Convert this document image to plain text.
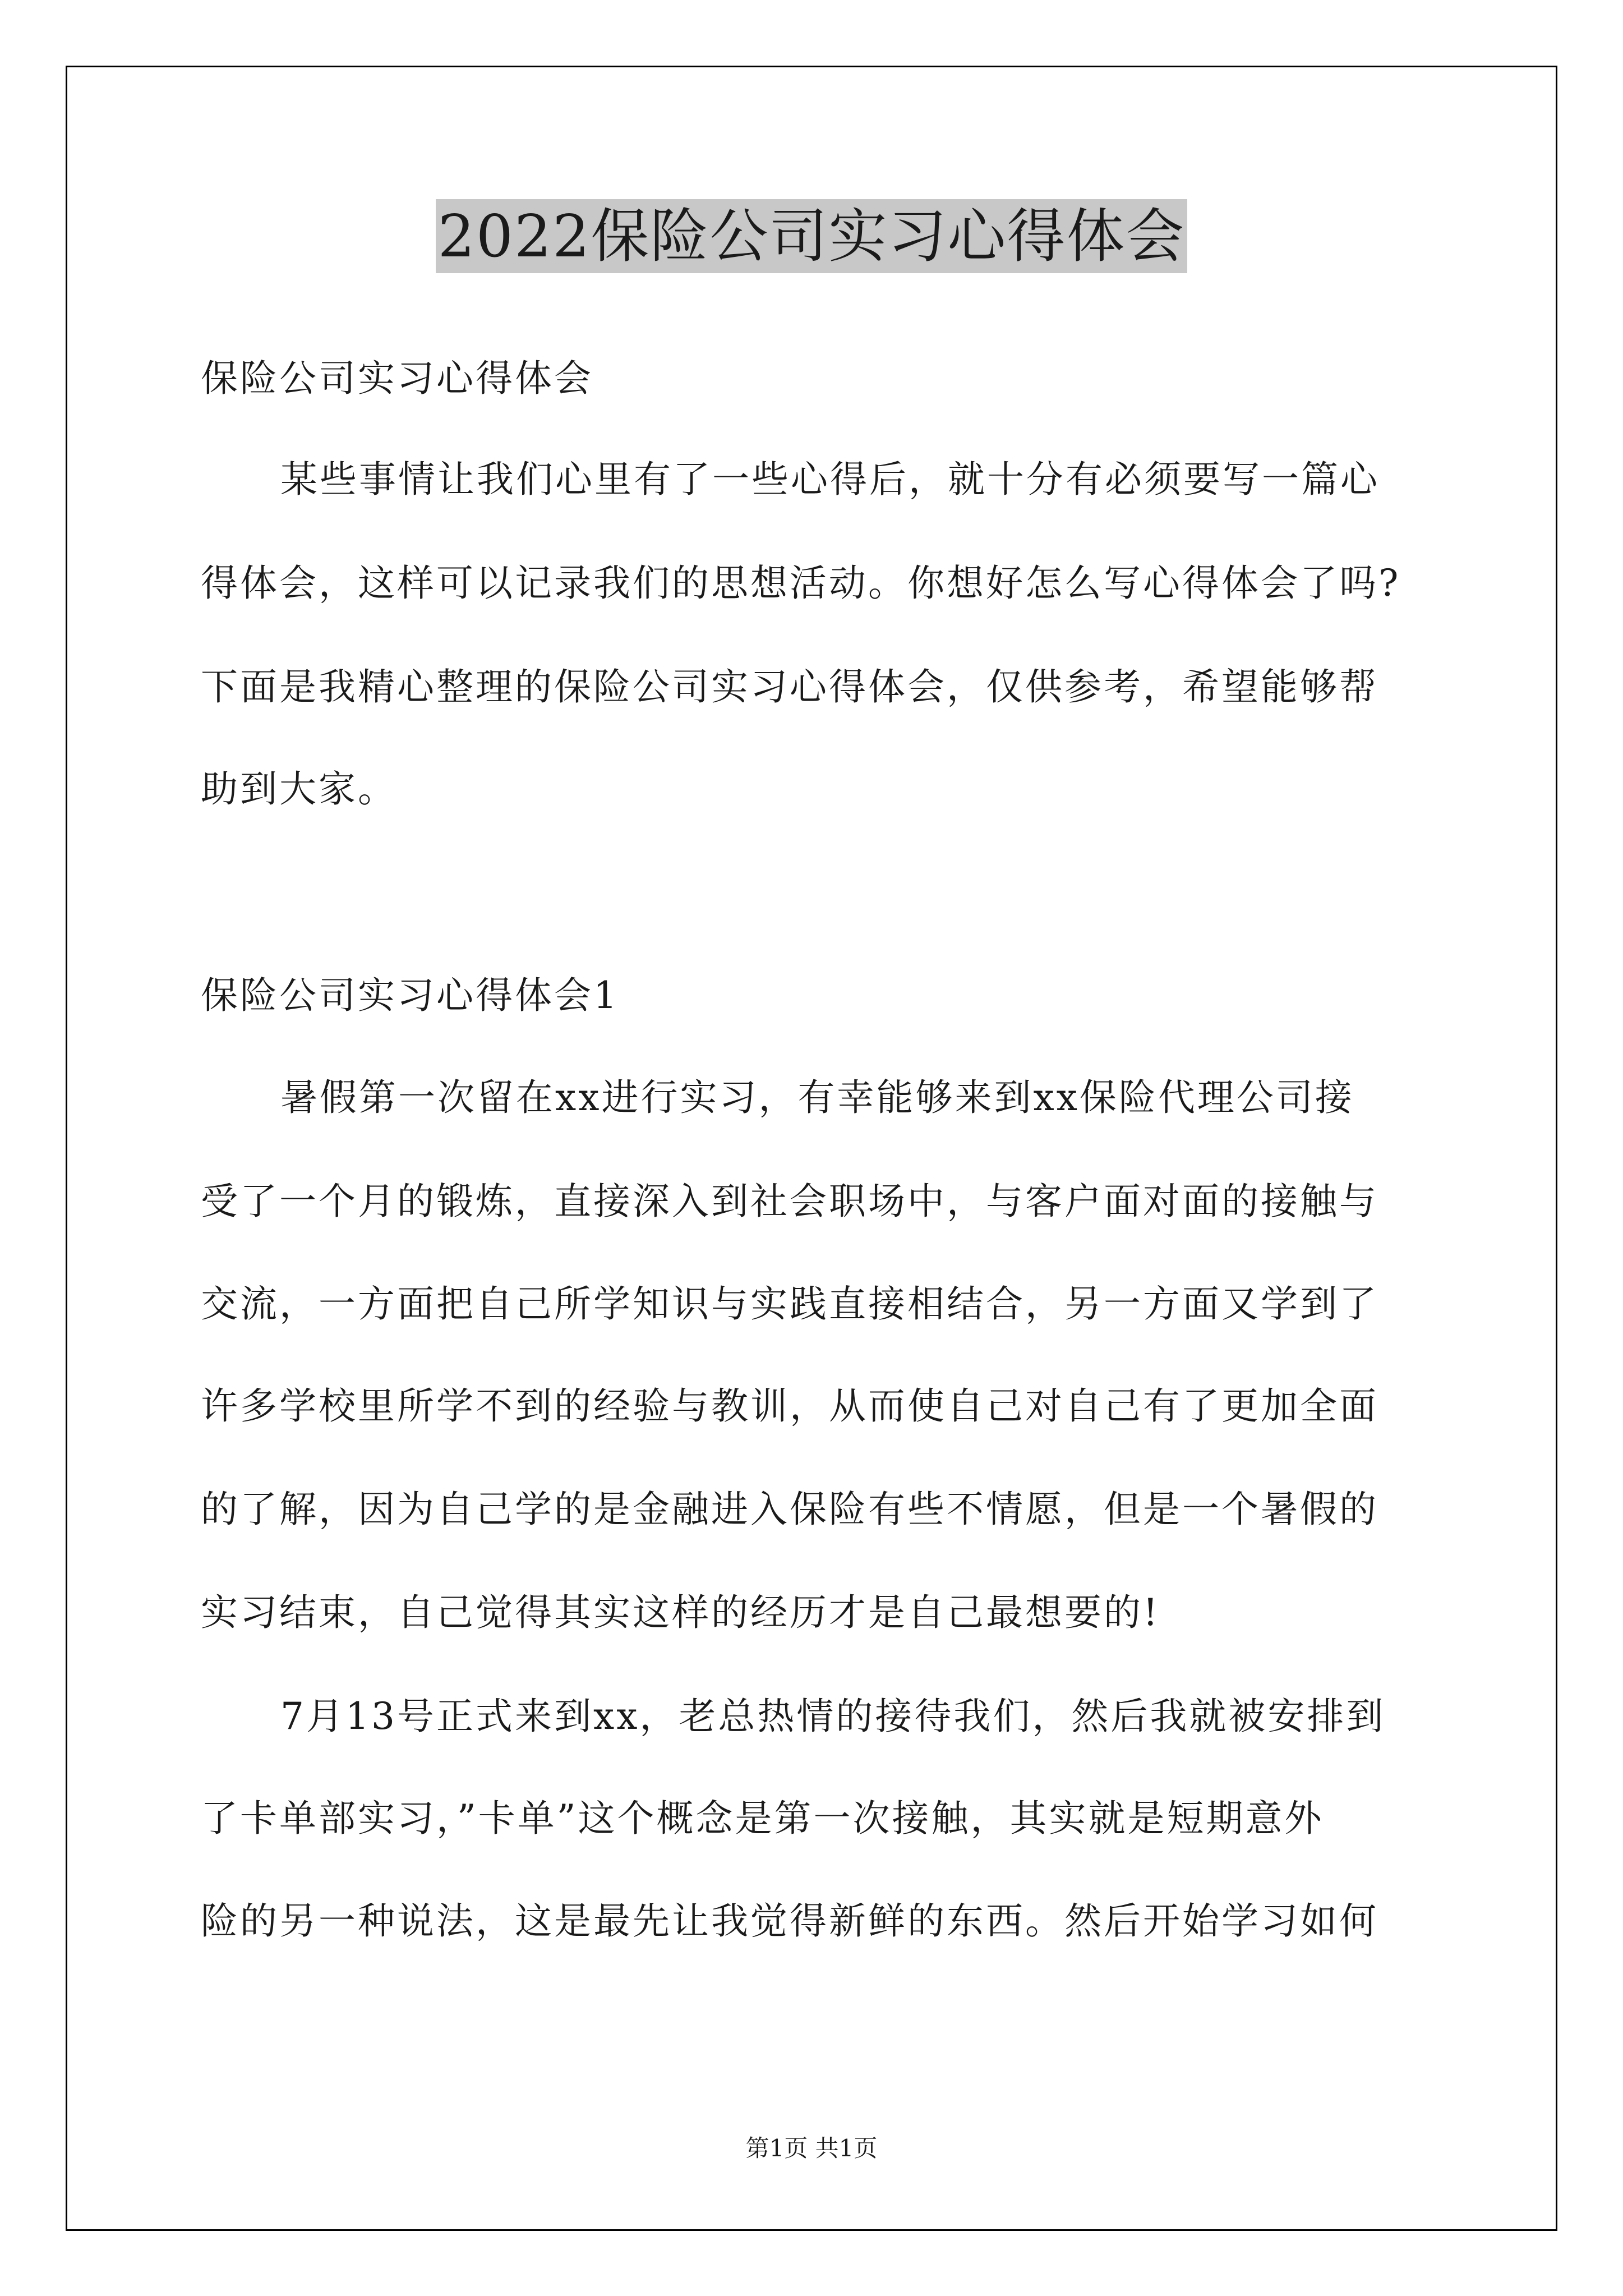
2022保险公司实习心得体会
保险公司实习心得体会
某些事情让我们心里有了一些心得后，就十分有必须要写一篇心
得体会，这样可以记录我们的思想活动。你想好怎么写心得体会了吗?
下面是我精心整理的保险公司实习心得体会，仅供参考，希望能够帮
助到大家。
保险公司实习心得体会1
暑假第一次留在xx进行实习，有幸能够来到xx保险代理公司接
受了一个月的锻炼，直接深入到社会职场中，与客户面对面的接触与
交流，一方面把自己所学知识与实践直接相结合，另一方面又学到了
许多学校里所学不到的经验与教训，从而使自己对自己有了更加全面
的了解，因为自己学的是金融进入保险有些不情愿，但是一个暑假的
实习结束，自己觉得其实这样的经历才是自己最想要的!
7月13号正式来到xx，老总热情的接待我们，然后我就被安排到
了卡单部实习，”卡单”这个概念是第一次接触，其实就是短期意外
险的另一种说法，这是最先让我觉得新鲜的东西。然后开始学习如何
第1页 共1页
